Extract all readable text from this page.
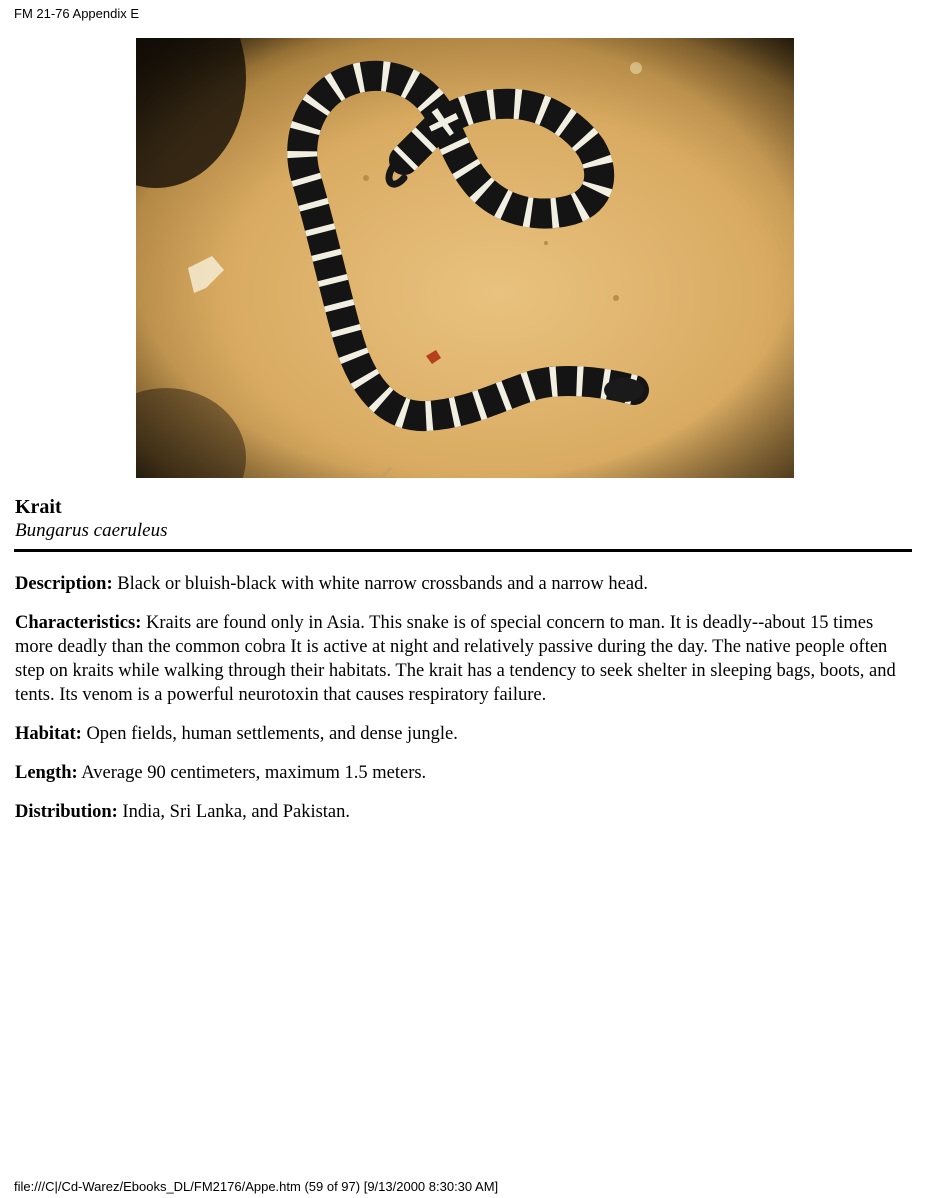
FM 21-76 Appendix E
Krait
Bungarus caeruleus

Description: Black or bluish-black with white narrow crossbands and a narrow head.

Characteristics: Kraits are found only in Asia. This snake is of special concern to man. It is deadly--about 15 times more deadly than the common cobra It is active at night and relatively passive during the day. The native people often step on kraits while walking through their habitats. The krait has a tendency to seek shelter in sleeping bags, boots, and tents. Its venom is a powerful neurotoxin that causes respiratory failure.

Habitat: Open fields, human settlements, and dense jungle.

Length: Average 90 centimeters, maximum 1.5 meters.

Distribution: India, Sri Lanka, and Pakistan.

file:///C|/Cd-Warez/Ebooks_DL/FM2176/Appe.htm (59 of 97) [9/13/2000 8:30:30 AM]
